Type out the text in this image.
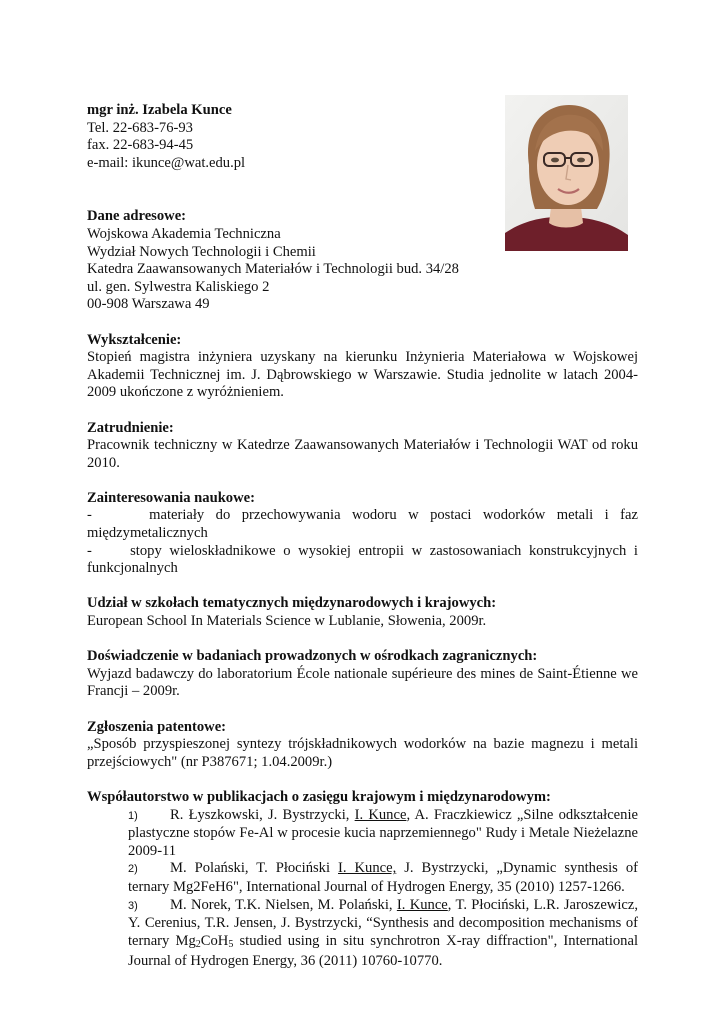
mgr inż. Izabela Kunce
Tel. 22-683-76-93
fax. 22-683-94-45
e-mail: ikunce@wat.edu.pl
Dane adresowe:
Wojskowa Akademia Techniczna
Wydział Nowych Technologii i Chemii
Katedra Zaawansowanych Materiałów i Technologii bud. 34/28
ul. gen. Sylwestra Kaliskiego 2
00-908 Warszawa 49
Wykształcenie:
Stopień magistra inżyniera uzyskany na kierunku Inżynieria Materiałowa w Wojskowej
Akademii Technicznej im. J. Dąbrowskiego w Warszawie. Studia jednolite w latach 2004-
2009 ukończone z wyróżnieniem.
Zatrudnienie:
Pracownik techniczny w Katedrze Zaawansowanych Materiałów i Technologii WAT od roku
2010.
Zainteresowania naukowe:
-     materiały do przechowywania wodoru w postaci wodorków metali i faz
międzymetalicznych
-     stopy wieloskładnikowe o wysokiej entropii w zastosowaniach konstrukcyjnych i
funkcjonalnych
Udział w szkołach tematycznych międzynarodowych i krajowych:
European School In Materials Science w Lublanie, Słowenia, 2009r.
Doświadczenie w badaniach prowadzonych w ośrodkach zagranicznych:
Wyjazd badawczy do laboratorium École nationale supérieure des mines de Saint-Étienne we
Francji – 2009r.
Zgłoszenia patentowe:
„Sposób przyspieszonej syntezy trójskładnikowych wodorków na bazie magnezu i metali
przejściowych" (nr P387671; 1.04.2009r.)
Współautorstwo w publikacjach o zasięgu krajowym i międzynarodowym:
1) R. Łyszkowski, J. Bystrzycki, I. Kunce, A. Fraczkiewicz „Silne odkształcenie plastyczne stopów Fe-Al w procesie kucia naprzemiennego" Rudy i Metale Nieżelazne 2009-11
2) M. Polański, T. Płociński I. Kunce, J. Bystrzycki, „Dynamic synthesis of ternary Mg2FeH6", International Journal of Hydrogen Energy, 35 (2010) 1257-1266.
3) M. Norek, T.K. Nielsen, M. Polański, I. Kunce, T. Płociński, L.R. Jaroszewicz, Y. Cerenius, T.R. Jensen, J. Bystrzycki, “Synthesis and decomposition mechanisms of ternary $Mg_2CoH_5$ studied using in situ synchrotron X-ray diffraction", International Journal of Hydrogen Energy, 36 (2011) 10760-10770.
